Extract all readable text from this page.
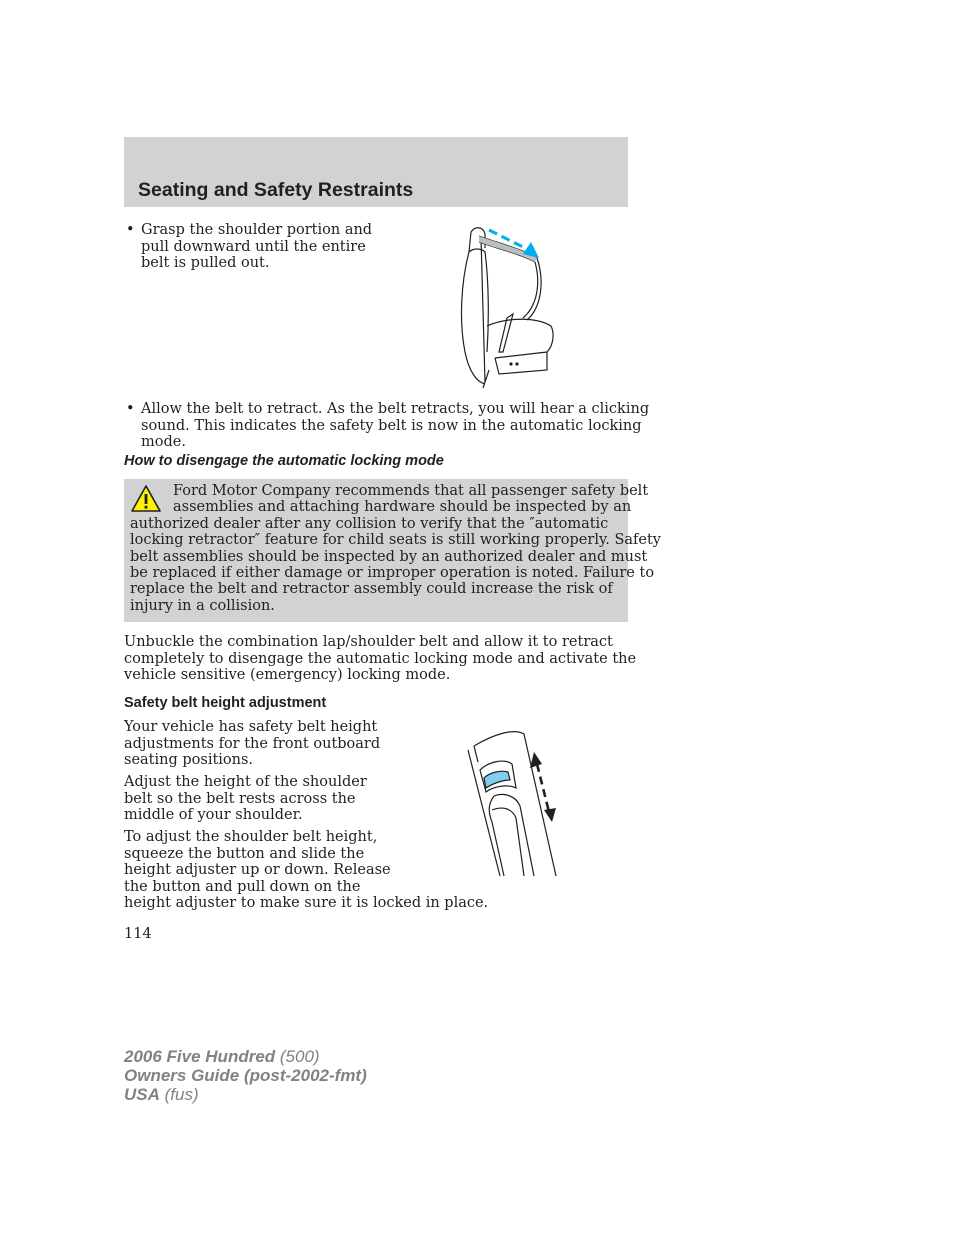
Seating and Safety Restraints
• Grasp the shoulder portion and
pull downward until the entire
belt is pulled out.
• Allow the belt to retract. As the belt retracts, you will hear a clicking
sound. This indicates the safety belt is now in the automatic locking
mode.
How to disengage the automatic locking mode
Ford Motor Company recommends that all passenger safety belt
assemblies and attaching hardware should be inspected by an
authorized dealer after any collision to verify that the ″automatic
locking retractor″ feature for child seats is still working properly. Safety
belt assemblies should be inspected by an authorized dealer and must
be replaced if either damage or improper operation is noted. Failure to
replace the belt and retractor assembly could increase the risk of
injury in a collision.
Unbuckle the combination lap/shoulder belt and allow it to retract
completely to disengage the automatic locking mode and activate the
vehicle sensitive (emergency) locking mode.
Safety belt height adjustment
Your vehicle has safety belt height
adjustments for the front outboard
seating positions.
Adjust the height of the shoulder
belt so the belt rests across the
middle of your shoulder.
To adjust the shoulder belt height,
squeeze the button and slide the
height adjuster up or down. Release
the button and pull down on the
height adjuster to make sure it is locked in place.
114
2006 Five Hundred (500)
Owners Guide (post-2002-fmt)
USA (fus)
